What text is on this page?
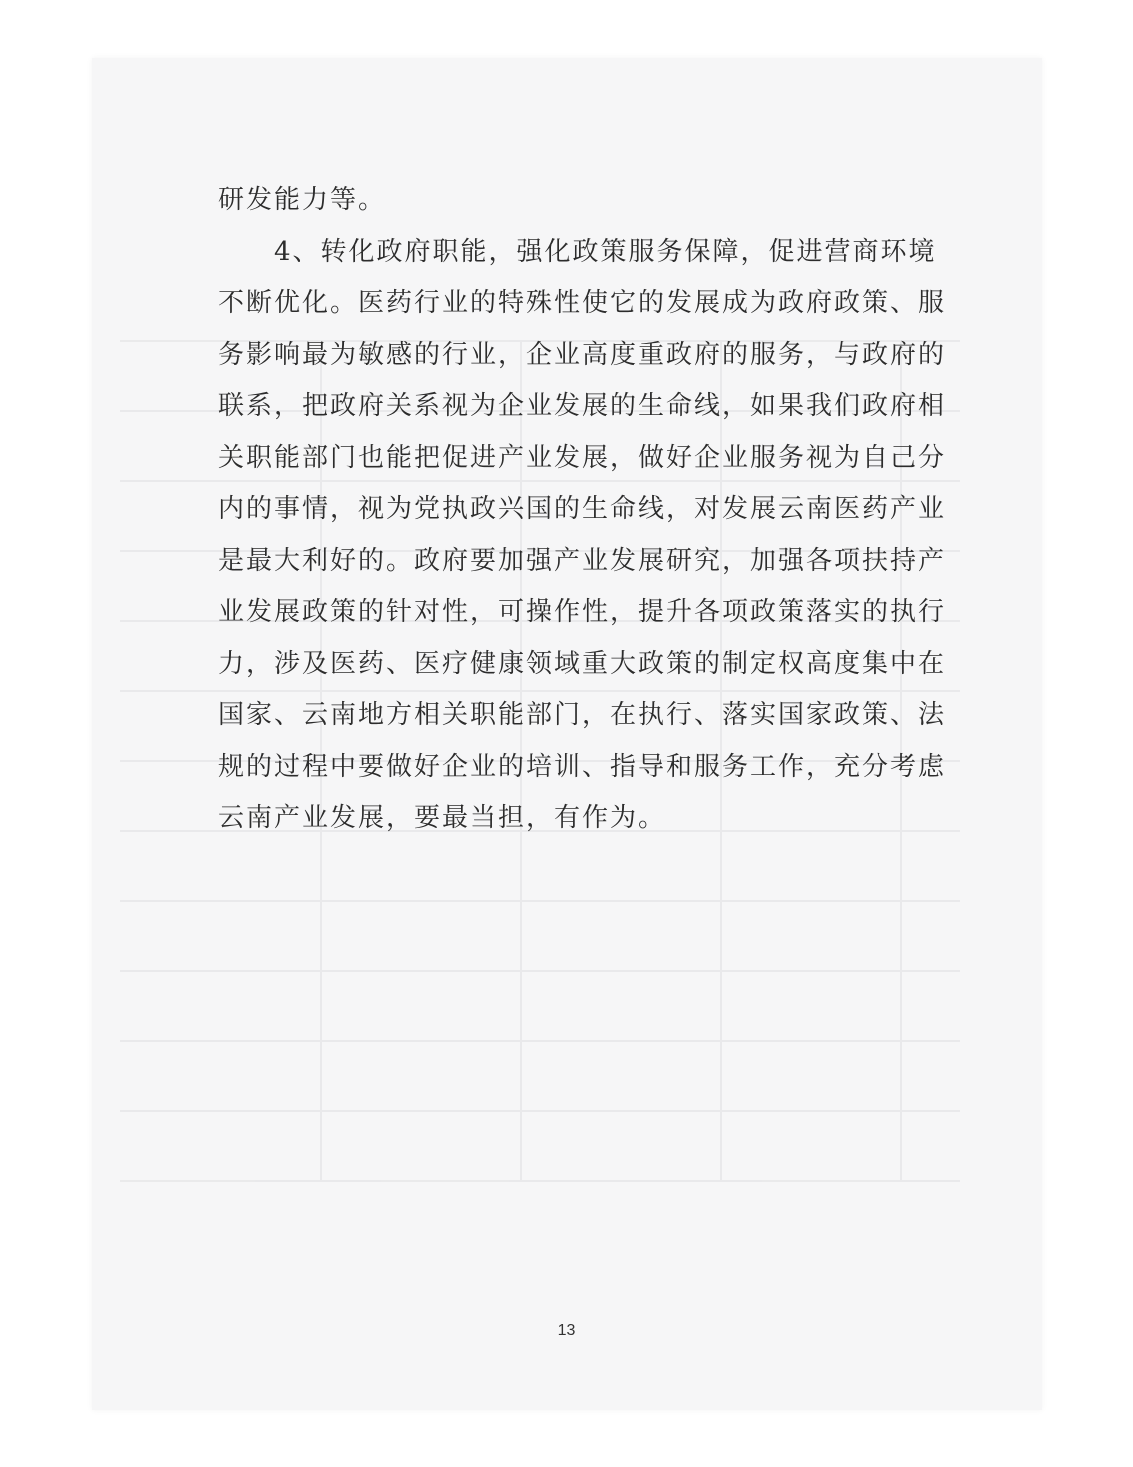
研发能力等。
　　4、转化政府职能，强化政策服务保障，促进营商环境
不断优化。医药行业的特殊性使它的发展成为政府政策、服
务影响最为敏感的行业，企业高度重政府的服务，与政府的
联系，把政府关系视为企业发展的生命线，如果我们政府相
关职能部门也能把促进产业发展，做好企业服务视为自己分
内的事情，视为党执政兴国的生命线，对发展云南医药产业
是最大利好的。政府要加强产业发展研究，加强各项扶持产
业发展政策的针对性，可操作性，提升各项政策落实的执行
力，涉及医药、医疗健康领域重大政策的制定权高度集中在
国家、云南地方相关职能部门，在执行、落实国家政策、法
规的过程中要做好企业的培训、指导和服务工作，充分考虑
云南产业发展，要最当担，有作为。
13
